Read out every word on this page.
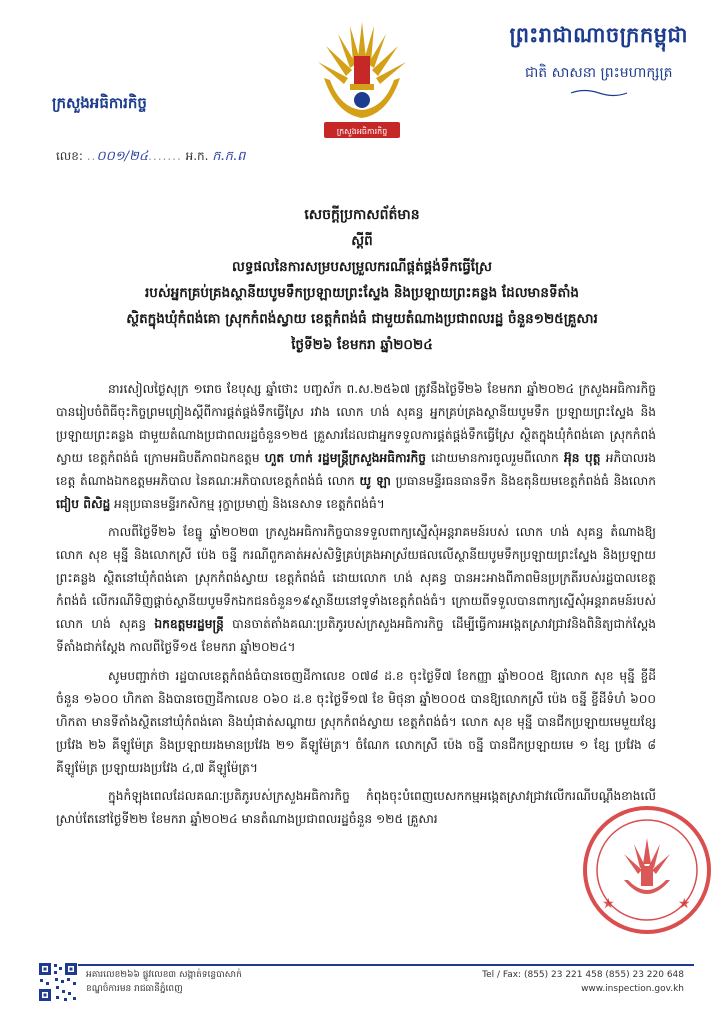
ព្រះរាជាណាចក្រកម្ពុជា
ជាតិ សាសនា ព្រះមហាក្សត្រ
ក្រសួងអធិការកិច្ច
ក្រសួងអធិការកិច្ច
លេខ: ..០០១/២៤....... អ.ក. ក.ក.ព
សេចក្តីប្រកាសព័ត៌មាន
ស្តីពី
លទ្ធផលនៃការសម្របសម្រួលករណីផ្តត់ផ្គង់ទឹកធ្វើស្រែ
របស់អ្នកគ្រប់គ្រងស្ថានីយបូមទឹកប្រឡាយព្រះស្ទែង និងប្រឡាយព្រះគន្លង ដែលមានទីតាំង
ស្ថិតក្នុងឃុំកំពង់គោ ស្រុកកំពង់ស្វាយ ខេត្តកំពង់ធំ ជាមួយតំណាងប្រជាពលរដ្ឋ ចំនួន១២៥គ្រួសារ
ថ្ងៃទី២៦ ខែមករា ឆ្នាំ២០២៤

នារសៀលថ្ងៃសុក្រ ១រោច ខែបុស្ស ឆ្នាំថោះ បញ្ចស័ក ព.ស.២៥៦៧ ត្រូវនឹងថ្ងៃទី២៦ ខែមករា ឆ្នាំ២០២៤ ក្រសួងអធិការកិច្ច បានរៀបចំពិធីចុះកិច្ចព្រមព្រៀងស្តីពីការផ្គត់ផ្គង់ទឹកធ្វើស្រែ រវាង លោក ហង់ សុគន្ធ អ្នកគ្រប់គ្រងស្ថានីយបូមទឹក ប្រឡាយព្រះស្ទែង និងប្រឡាយព្រះគន្លង ជាមួយតំណាងប្រជាពលរដ្ឋចំនួន១២៥ គ្រួសារដែលជាអ្នកទទួលការផ្គត់ផ្គង់ទឹកធ្វើស្រែ ស្ថិតក្នុងឃុំកំពង់គោ ស្រុកកំពង់ស្វាយ ខេត្តកំពង់ធំ ក្រោមអធិបតីភាពឯកឧត្តម ហួត ហាក់ រដ្ឋមន្ត្រីក្រសួងអធិការកិច្ច ដោយមានការចូលរួមពីលោក អ៊ុន បុត្ត អភិបាលរងខេត្ត តំណាងឯកឧត្តមអភិបាល នៃគណៈអភិបាលខេត្តកំពង់ធំ លោក យូ ឡា ប្រធានមន្ទីរធនធានទឹក និងឧតុនិយមខេត្តកំពង់ធំ និងលោក ជៀប ពិសិដ្ឋ អនុប្រធានមន្ទីរកសិកម្ម រុក្ខាប្រមាញ់ និងនេសាទ ខេត្តកំពង់ធំ។

កាលពីថ្ងៃទី២៦ ខែធ្នូ ឆ្នាំ២០២៣ ក្រសួងអធិការកិច្ចបានទទួលពាក្យស្នើសុំអន្តរាគមន៍របស់ លោក ហង់ សុគន្ធ តំណាងឱ្យលោក សុខ មុន្នី និងលោកស្រី ប៉េង ចន្នី ករណីពួកគាត់អស់សិទ្ធិគ្រប់គ្រងអាស្រ័យផលលើស្ថានីយបូមទឹកប្រឡាយព្រះស្ទែង និងប្រឡាយព្រះគន្លង ស្ថិតនៅឃុំកំពង់គោ ស្រុកកំពង់ស្វាយ ខេត្តកំពង់ធំ ដោយលោក ហង់ សុគន្ធ បានអះអាងពីភាពមិនប្រក្រតីរបស់រដ្ឋបាលខេត្តកំពង់ធំ លើករណីទិញផ្តាច់ស្ថានីយបូមទឹកឯកជនចំនួន១៩ស្ថានីយនៅទូទាំងខេត្តកំពង់ធំ។ ក្រោយពីទទួលបានពាក្យស្នើសុំអន្តរាគមន៍របស់ លោក ហង់ សុគន្ធ ឯកឧត្តមរដ្ឋមន្ត្រី បានចាត់តាំងគណៈប្រតិភូរបស់ក្រសួងអធិការកិច្ច ដើម្បីធ្វើការអង្កេតស្រាវជ្រាវនិងពិនិត្យជាក់ស្តែងទីតាំងជាក់ស្តែង កាលពីថ្ងៃទី១៥ ខែមករា ឆ្នាំ២០២៤។

សូមបញ្ជាក់ថា រដ្ឋបាលខេត្តកំពង់ធំបានចេញដីកាលេខ ០៧៨ ដ.ខ ចុះថ្ងៃទី៧ ខែកញ្ញា ឆ្នាំ២០០៥ ឱ្យលោក សុខ មុន្នី ខ្ចីដីចំនួន ១៦០០ ហិកតា និងបានចេញដីកាលេខ ០៦០ ដ.ខ ចុះថ្ងៃទី១៧ ខែ មិថុនា ឆ្នាំ២០០៥ បានឱ្យលោកស្រី ប៉េង ចន្នី ខ្ចីដីទំហំ ៦០០ ហិកតា មានទីតាំងស្ថិតនៅឃុំកំពង់គោ និងឃុំផាត់សណ្តាយ ស្រុកកំពង់ស្វាយ ខេត្តកំពង់ធំ។ លោក សុខ មុន្នី បានជីកប្រឡាយមេមួយខ្សែប្រវែង ២៦ គីឡូម៉ែត្រ និងប្រឡាយរងមានប្រវែង ២១ គីឡូម៉ែត្រ។ ចំណែក លោកស្រី ប៉េង ចន្នី បានជីកប្រឡាយមេ ១ ខ្សែ ប្រវែង ៨ គីឡូម៉ែត្រ ប្រឡាយរងប្រវែង ៤,៧ គីឡូម៉ែត្រ។

ក្នុងកំឡុងពេលដែលគណៈប្រតិភូរបស់ក្រសួងអធិការកិច្ច កំពុងចុះបំពេញបេសកកម្មអង្កេតស្រាវជ្រាវលើករណីបណ្តឹងខាងលើ ស្រាប់តែនៅថ្ងៃទី២២ ខែមករា ឆ្នាំ២០២៤ មានតំណាងប្រជាពលរដ្ឋចំនួន ១២៥ គ្រួសារ

★	★
អគារលេខ២៦៦ ផ្លូវលេខ៣ សង្កាត់ទន្លេបាសាក់
ខណ្ឌចំការមន រាជធានីភ្នំពេញ
Tel / Fax: (855) 23 221 458 (855) 23 220 648
www.inspection.gov.kh
